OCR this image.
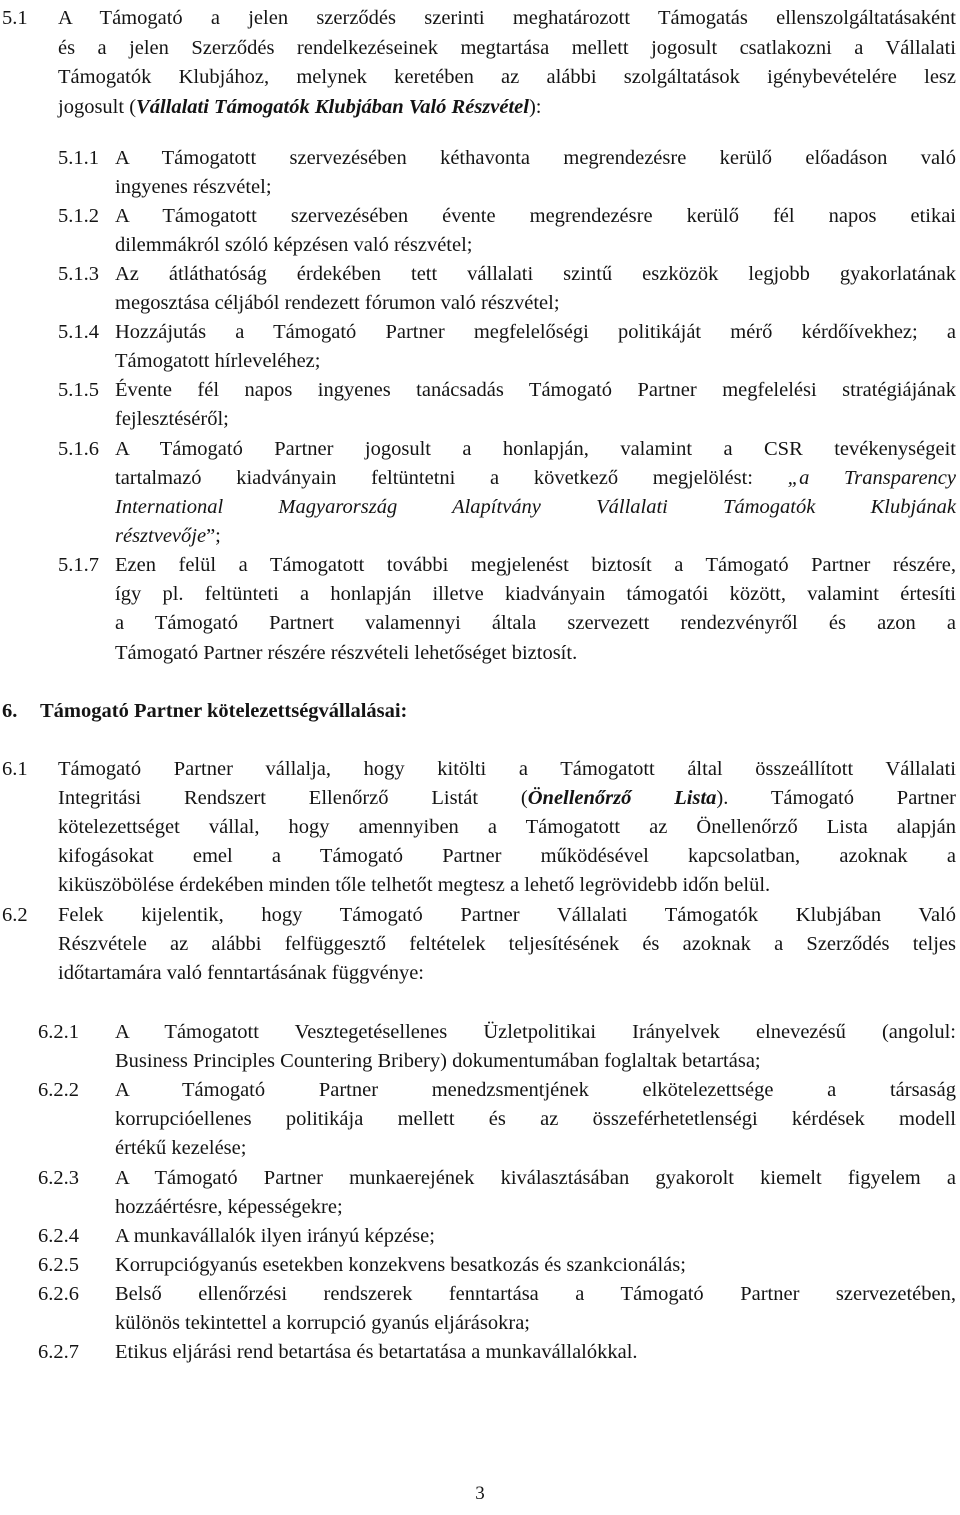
5.1 A Támogató a jelen szerződés szerinti meghatározott Támogatás ellenszolgáltatásaként
és a jelen Szerződés rendelkezéseinek megtartása mellett jogosult csatlakozni a Vállalati
Támogatók Klubjához, melynek keretében az alábbi szolgáltatások igénybevételére lesz
jogosult (Vállalati Támogatók Klubjában Való Részvétel):
5.1.1 A Támogatott szervezésében kéthavonta megrendezésre kerülő előadáson való
ingyenes részvétel;
5.1.2 A Támogatott szervezésében évente megrendezésre kerülő fél napos etikai
dilemmákról szóló képzésen való részvétel;
5.1.3 Az átláthatóság érdekében tett vállalati szintű eszközök legjobb gyakorlatának
megosztása céljából rendezett fórumon való részvétel;
5.1.4 Hozzájutás a Támogató Partner megfelelőségi politikáját mérő kérdőívekhez; a
Támogatott hírleveléhez;
5.1.5 Évente fél napos ingyenes tanácsadás Támogató Partner megfelelési stratégiájának
fejlesztéséről;
5.1.6 A Támogató Partner jogosult a honlapján, valamint a CSR tevékenységeit
tartalmazó kiadványain feltüntetni a következő megjelölést: „a Transparency
International Magyarország Alapítvány Vállalati Támogatók Klubjának
résztvevője”;
5.1.7 Ezen felül a Támogatott további megjelenést biztosít a Támogató Partner részére,
így pl. feltünteti a honlapján illetve kiadványain támogatói között, valamint értesíti
a Támogató Partnert valamennyi általa szervezett rendezvényről és azon a
Támogató Partner részére részvételi lehetőséget biztosít.
6. Támogató Partner kötelezettségvállalásai:
6.1 Támogató Partner vállalja, hogy kitölti a Támogatott által összeállított Vállalati
Integritási Rendszert Ellenőrző Listát (Önellenőrző Lista). Támogató Partner
kötelezettséget vállal, hogy amennyiben a Támogatott az Önellenőrző Lista alapján
kifogásokat emel a Támogató Partner működésével kapcsolatban, azoknak a
kiküszöbölése érdekében minden tőle telhetőt megtesz a lehető legrövidebb időn belül.
6.2 Felek kijelentik, hogy Támogató Partner Vállalati Támogatók Klubjában Való
Részvétele az alábbi felfüggesztő feltételek teljesítésének és azoknak a Szerződés teljes
időtartamára való fenntartásának függvénye:
6.2.1 A Támogatott Vesztegetésellenes Üzletpolitikai Irányelvek elnevezésű (angolul:
Business Principles Countering Bribery) dokumentumában foglaltak betartása;
6.2.2 A Támogató Partner menedzsmentjének elkötelezettsége a társaság
korrupcióellenes politikája mellett és az összeférhetetlenségi kérdések modell
értékű kezelése;
6.2.3 A Támogató Partner munkaerejének kiválasztásában gyakorolt kiemelt figyelem a
hozzáértésre, képességekre;
6.2.4 A munkavállalók ilyen irányú képzése;
6.2.5 Korrupciógyanús esetekben konzekvens besatkozás és szankcionálás;
6.2.6 Belső ellenőrzési rendszerek fenntartása a Támogató Partner szervezetében,
különös tekintettel a korrupció gyanús eljárásokra;
6.2.7 Etikus eljárási rend betartása és betartatása a munkavállalókkal.
3
